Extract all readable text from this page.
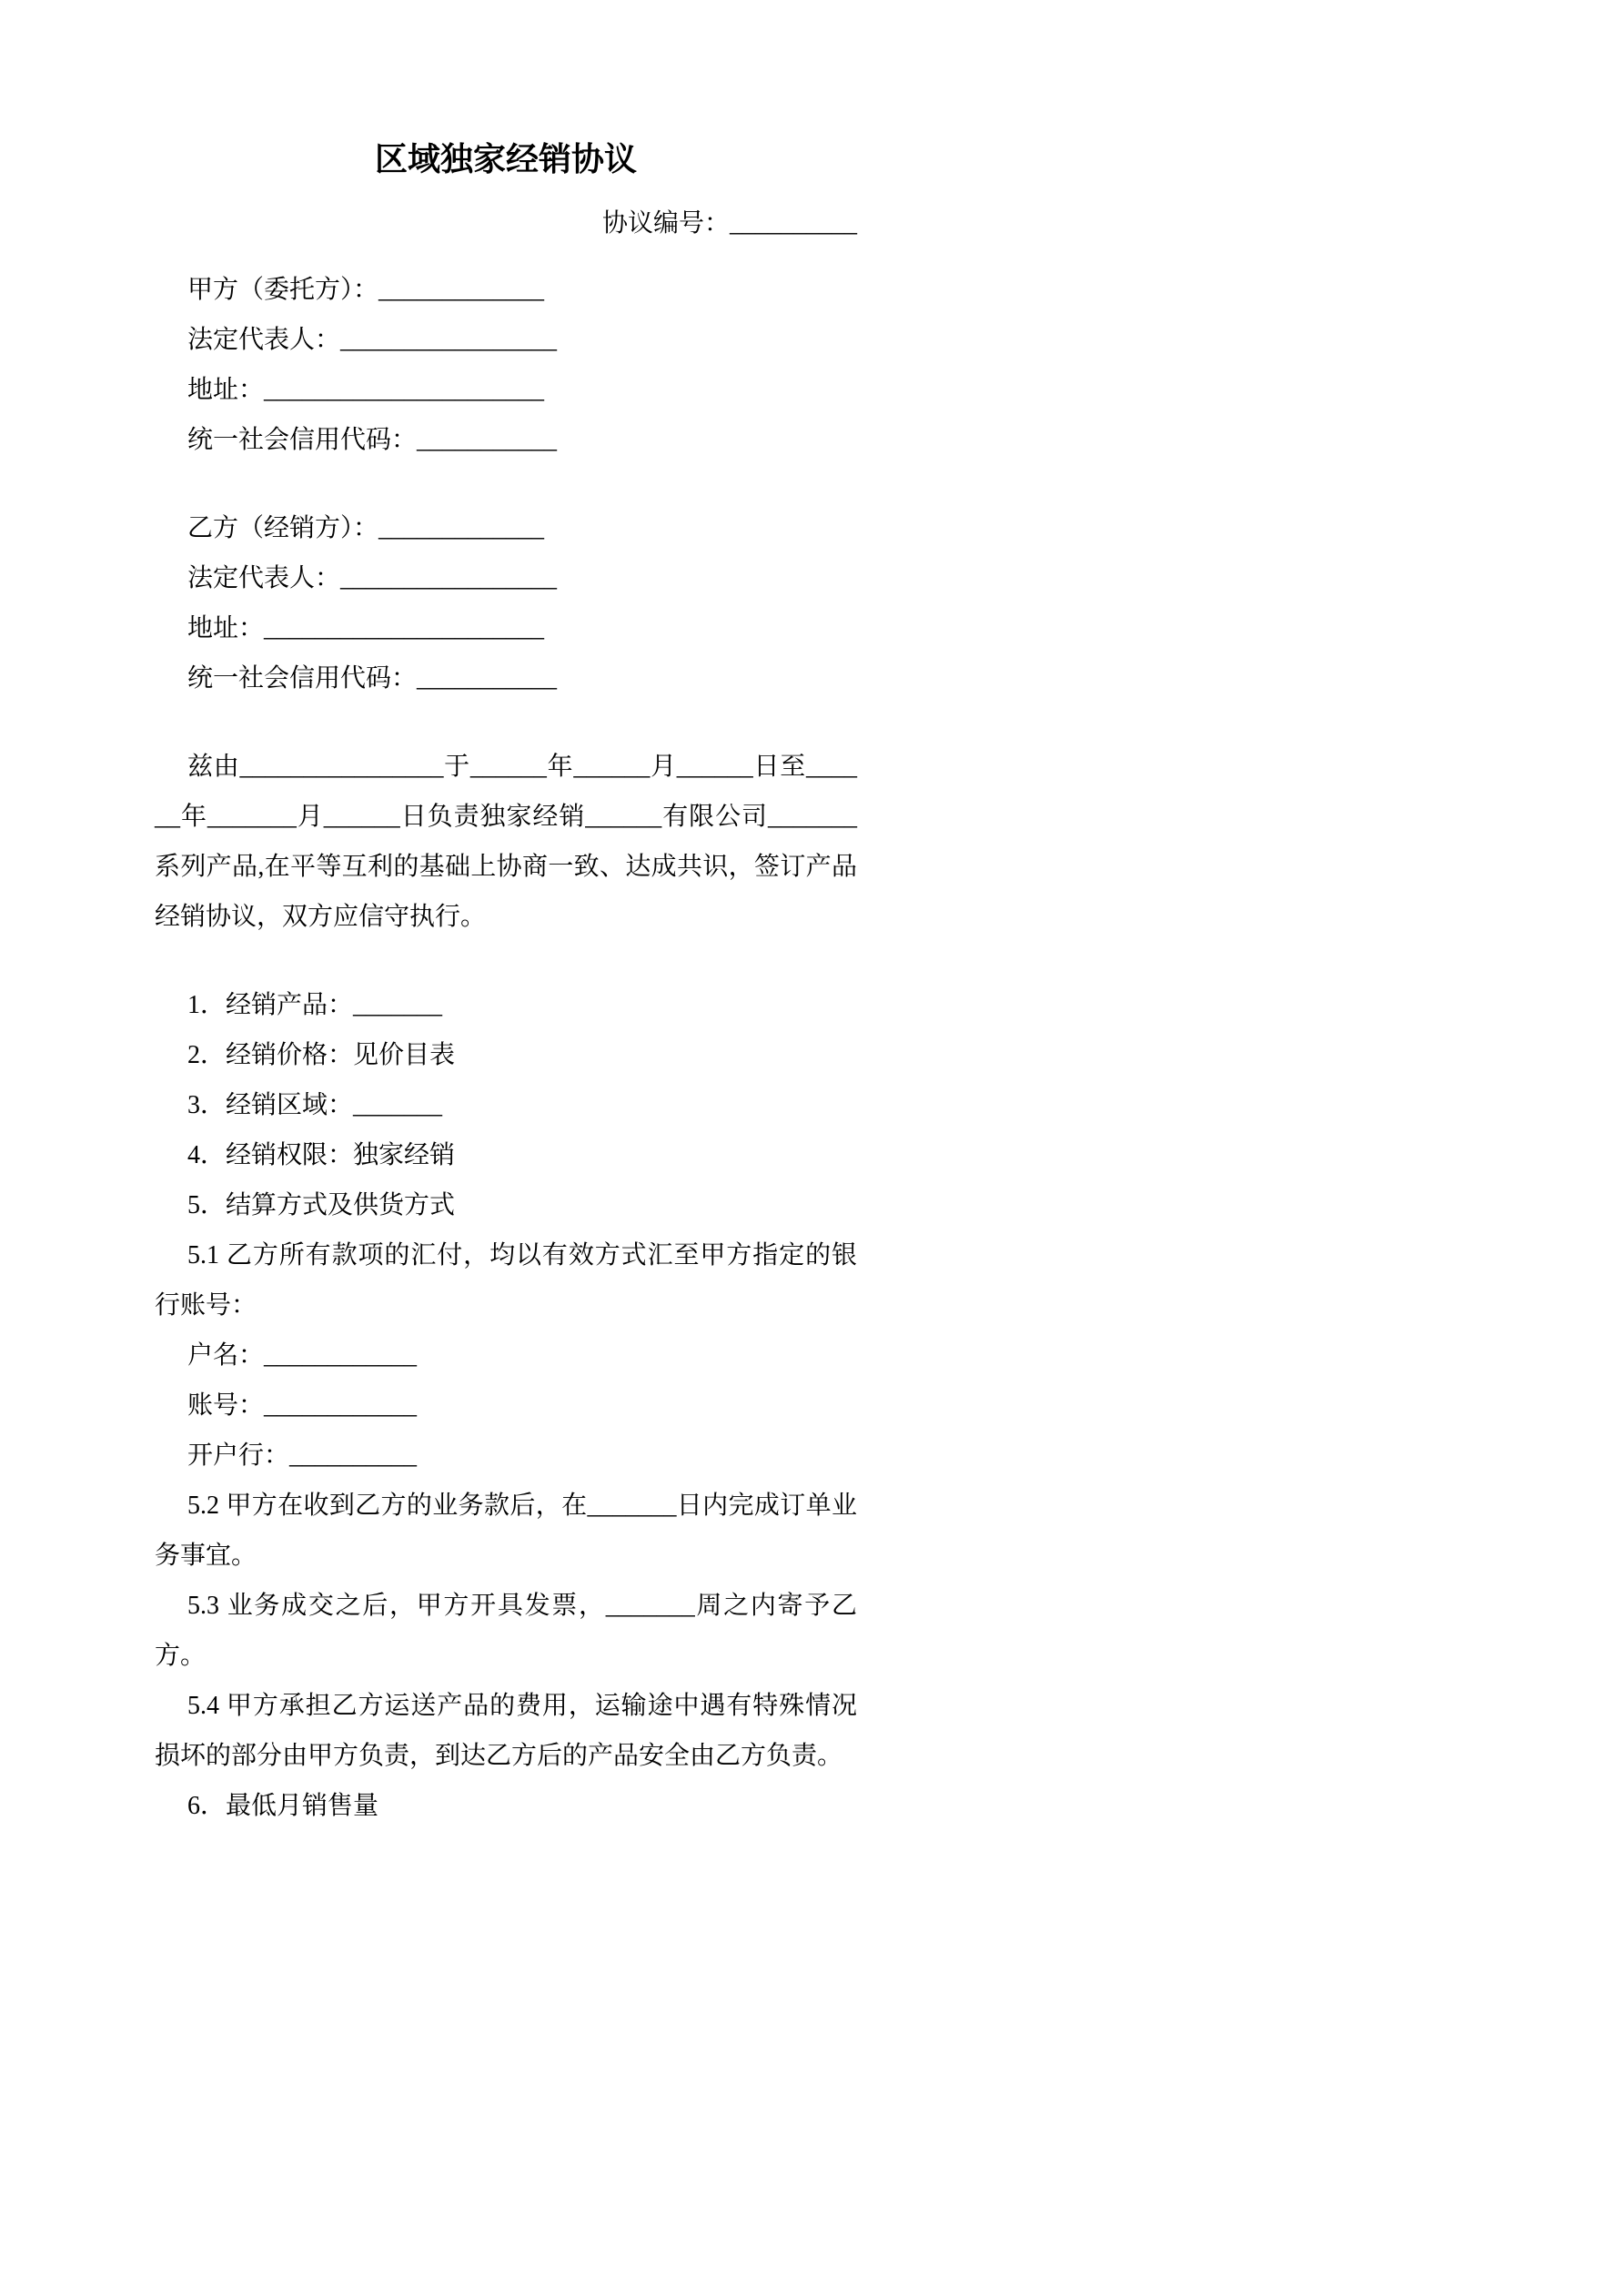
区域独家经销协议

协议编号：__________

甲方（委托方）：_____________

法定代表人：_________________

地址：______________________

统一社会信用代码：___________

乙方（经销方）：_____________

法定代表人：_________________

地址：______________________

统一社会信用代码：___________

兹由________________于______年______月______日至______年_______月______日负责独家经销______有限公司_______系列产品,在平等互利的基础上协商一致、达成共识，签订产品经销协议，双方应信守执行。

1．经销产品：_______

2．经销价格：见价目表

3．经销区域：_______

4．经销权限：独家经销

5．结算方式及供货方式

5.1 乙方所有款项的汇付，均以有效方式汇至甲方指定的银行账号：

户名：____________

账号：____________

开户行：__________

5.2 甲方在收到乙方的业务款后，在_______日内完成订单业务事宜。

5.3 业务成交之后，甲方开具发票，_______周之内寄予乙方。

5.4 甲方承担乙方运送产品的费用，运输途中遇有特殊情况损坏的部分由甲方负责，到达乙方后的产品安全由乙方负责。

6．最低月销售量
